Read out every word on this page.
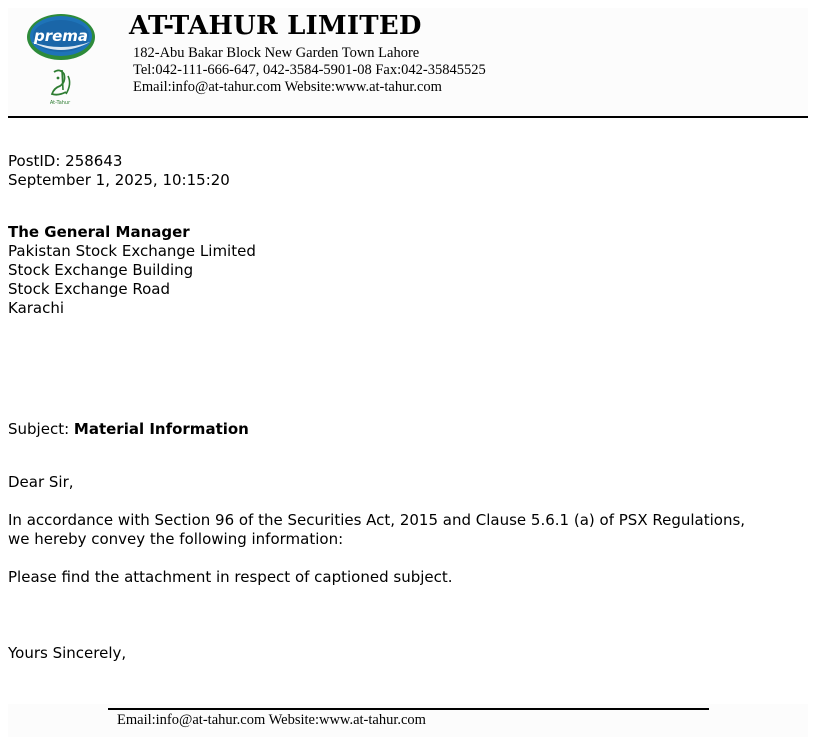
prema
At-Tahur
AT-TAHUR LIMITED
182-Abu Bakar Block New Garden Town Lahore
Tel:042-111-666-647, 042-3584-5901-08 Fax:042-35845525
Email:info@at-tahur.com Website:www.at-tahur.com
PostID: 258643
September 1, 2025, 10:15:20
The General Manager
Pakistan Stock Exchange Limited
Stock Exchange Building
Stock Exchange Road
Karachi
Subject: Material Information
Dear Sir,
In accordance with Section 96 of the Securities Act, 2015 and Clause 5.6.1 (a) of PSX Regulations,
we hereby convey the following information:
Please find the attachment in respect of captioned subject.
Yours Sincerely,
Email:info@at-tahur.com Website:www.at-tahur.com
